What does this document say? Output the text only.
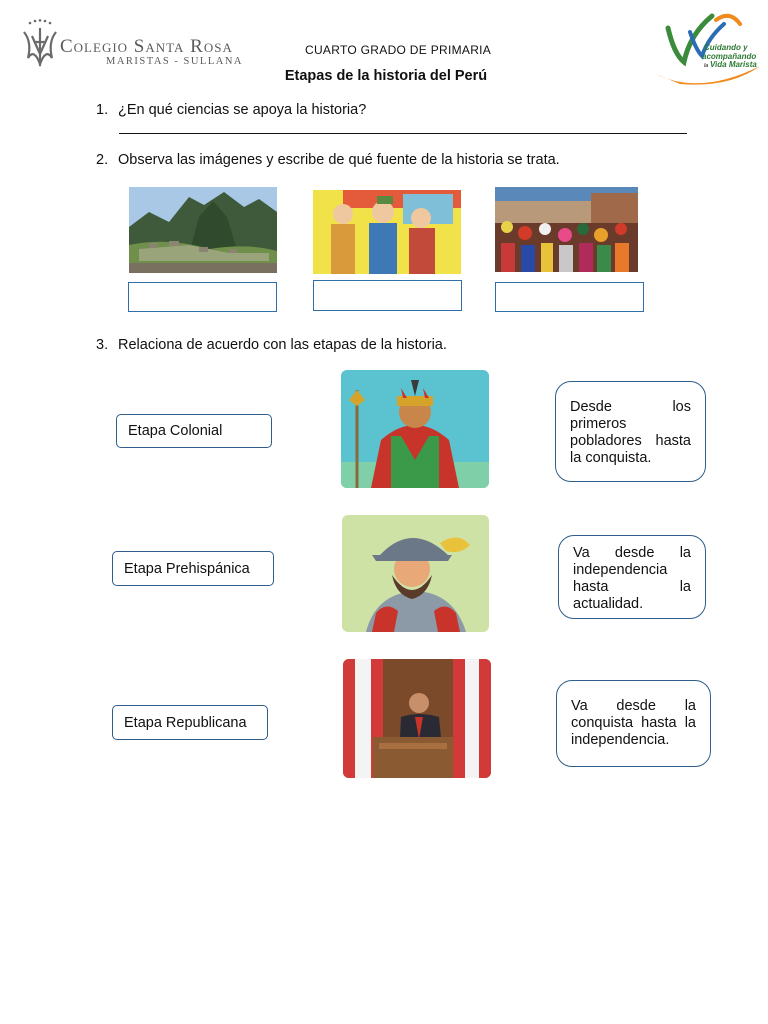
Colegio Santa Rosa
MARISTAS - SULLANA
CUARTO GRADO DE PRIMARIA
Etapas de la historia del Perú
Cuidando y
acompañando
la Vida Marista
1. ¿En qué ciencias se apoya la historia?
2. Observa las imágenes y escribe de qué fuente de la historia se trata.
3. Relaciona de acuerdo con las etapas de la historia.
Etapa Colonial
Desde los primeros pobladores hasta la conquista.
Etapa Prehispánica
Va desde la independencia hasta la actualidad.
Etapa Republicana
Va desde la conquista hasta la independencia.
